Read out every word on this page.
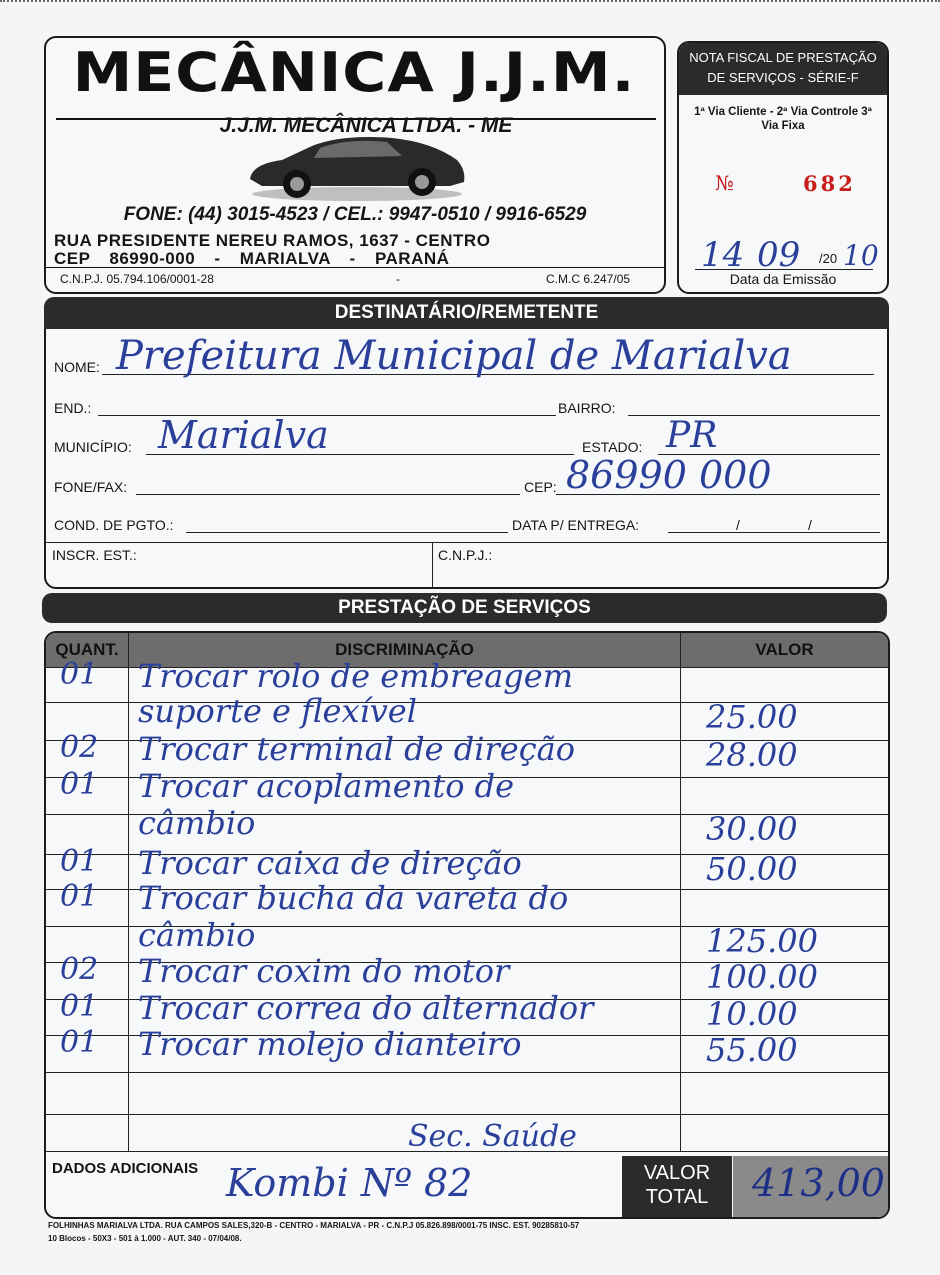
MECÂNICA J.J.M.
J.J.M. MECÂNICA LTDA. - ME
FONE: (44) 3015-4523 / CEL.: 9947-0510 / 9916-6529
RUA PRESIDENTE NEREU RAMOS, 1637 - CENTRO
CEP 86990-000 - MARIALVA - PARANÁ
C.N.P.J. 05.794.106/0001-28	-	C.M.C 6.247/05
NOTA FISCAL DE PRESTAÇÃO DE SERVIÇOS - SÉRIE-F
1ª Via Cliente - 2ª Via Controle 3ª Via Fixa
№	682
14 09 /20 10
Data da Emissão
DESTINATÁRIO/REMETENTE
NOME: Prefeitura Municipal de Marialva
END.:	BAIRRO:
MUNICÍPIO: Marialva	ESTADO: PR
FONE/FAX:	CEP: 86990 000
COND. DE PGTO.:	DATA P/ ENTREGA:	/	/
INSCR. EST.:	C.N.P.J.:
PRESTAÇÃO DE SERVIÇOS
QUANT.	DISCRIMINAÇÃO	VALOR
01 Trocar rolo de embreagem
suporte e flexível	25.00
02 Trocar terminal de direção	28.00
01 Trocar acoplamento de
câmbio	30.00
01 Trocar caixa de direção	50.00
01 Trocar bucha da vareta do
câmbio	125.00
02 Trocar coxim do motor	100.00
01 Trocar correa do alternador	10.00
01 Trocar molejo dianteiro	55.00
Sec. Saúde
DADOS ADICIONAIS Kombi Nº 82	VALOR TOTAL	413,00
FOLHINHAS MARIALVA LTDA. RUA CAMPOS SALES,320-B - CENTRO - MARIALVA - PR - C.N.P.J 05.826.898/0001-75 INSC. EST. 90285810-57
10 Blocos - 50X3 - 501 à 1.000 - AUT. 340 - 07/04/08.
